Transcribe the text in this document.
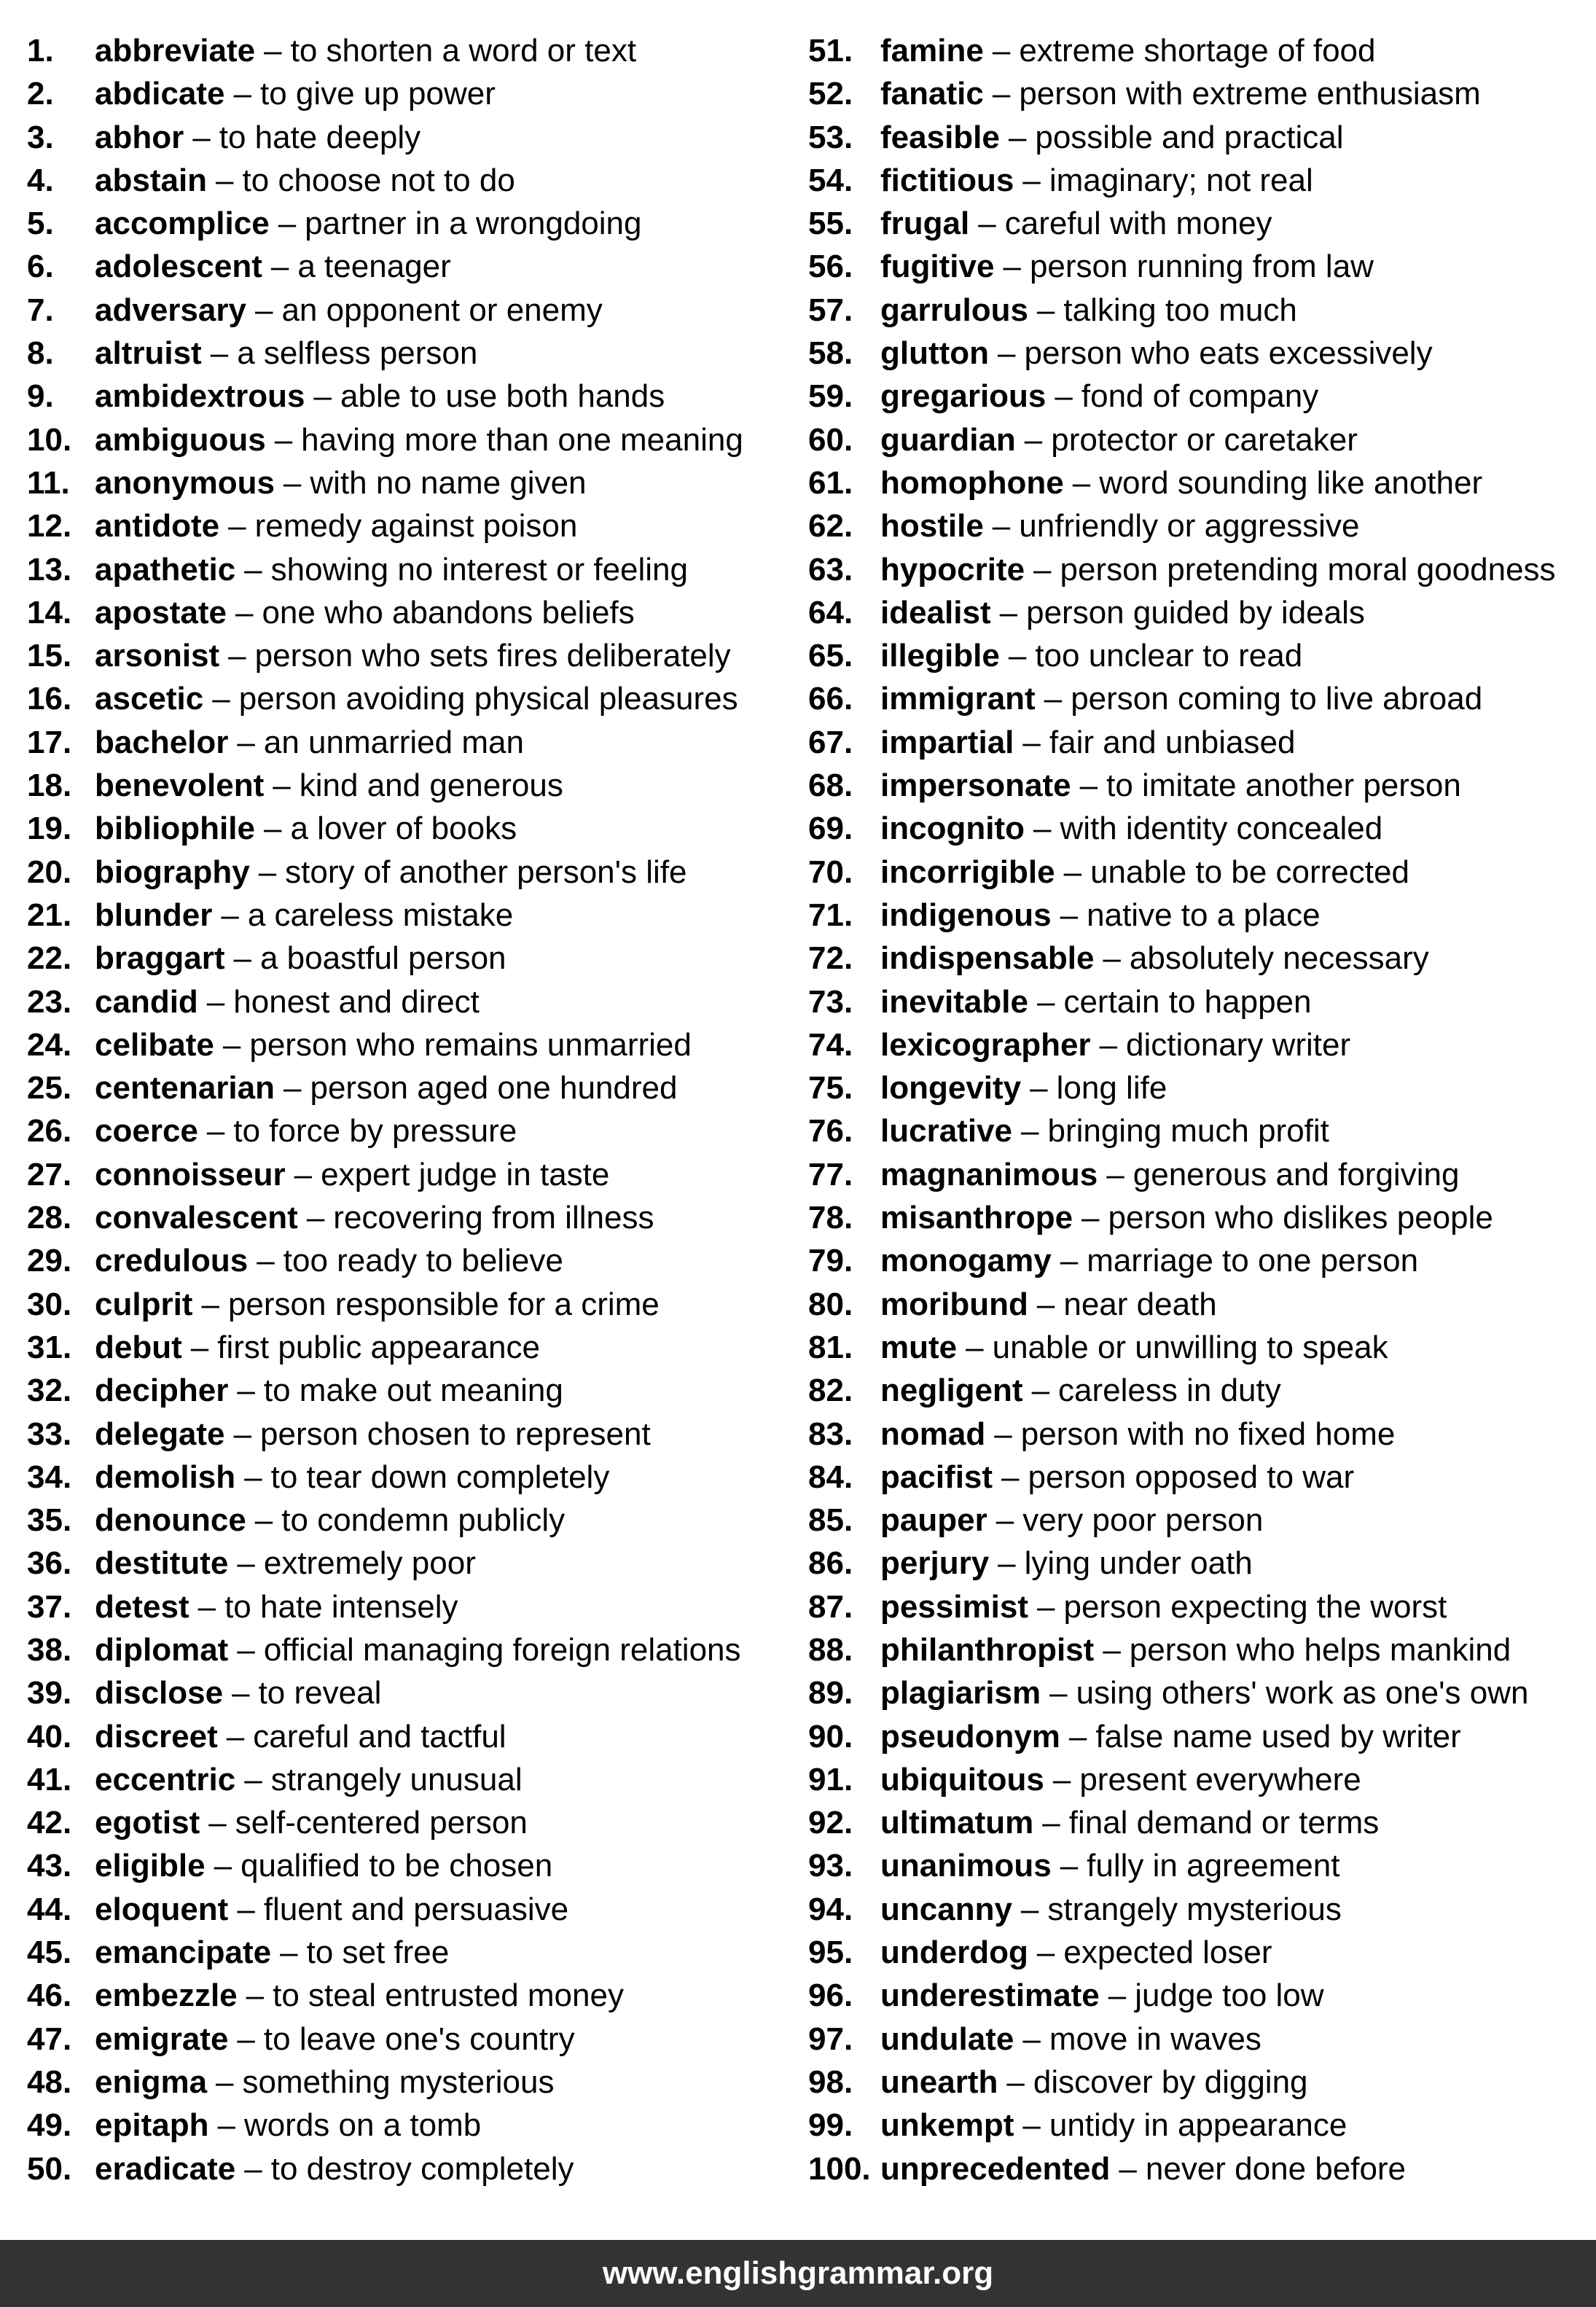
1.	abbreviate – to shorten a word or text
2.	abdicate – to give up power
3.	abhor – to hate deeply
4.	abstain – to choose not to do
5.	accomplice – partner in a wrongdoing
6.	adolescent – a teenager
7.	adversary – an opponent or enemy
8.	altruist – a selfless person
9.	ambidextrous – able to use both hands
10. ambiguous – having more than one meaning
11. anonymous – with no name given
12. antidote – remedy against poison
13. apathetic – showing no interest or feeling
14. apostate – one who abandons beliefs
15. arsonist – person who sets fires deliberately
16. ascetic – person avoiding physical pleasures
17. bachelor – an unmarried man
18. benevolent – kind and generous
19. bibliophile – a lover of books
20. biography – story of another person's life
21. blunder – a careless mistake
22. braggart – a boastful person
23. candid – honest and direct
24. celibate – person who remains unmarried
25. centenarian – person aged one hundred
26. coerce – to force by pressure
27. connoisseur – expert judge in taste
28. convalescent – recovering from illness
29. credulous – too ready to believe
30. culprit – person responsible for a crime
31. debut – first public appearance
32. decipher – to make out meaning
33. delegate – person chosen to represent
34. demolish – to tear down completely
35. denounce – to condemn publicly
36. destitute – extremely poor
37. detest – to hate intensely
38. diplomat – official managing foreign relations
39. disclose – to reveal
40. discreet – careful and tactful
41. eccentric – strangely unusual
42. egotist – self-centered person
43. eligible – qualified to be chosen
44. eloquent – fluent and persuasive
45. emancipate – to set free
46. embezzle – to steal entrusted money
47. emigrate – to leave one's country
48. enigma – something mysterious
49. epitaph – words on a tomb
50. eradicate – to destroy completely
51. famine – extreme shortage of food
52. fanatic – person with extreme enthusiasm
53. feasible – possible and practical
54. fictitious – imaginary; not real
55. frugal – careful with money
56. fugitive – person running from law
57. garrulous – talking too much
58. glutton – person who eats excessively
59. gregarious – fond of company
60. guardian – protector or caretaker
61. homophone – word sounding like another
62. hostile – unfriendly or aggressive
63. hypocrite – person pretending moral goodness
64. idealist – person guided by ideals
65. illegible – too unclear to read
66. immigrant – person coming to live abroad
67. impartial – fair and unbiased
68. impersonate – to imitate another person
69. incognito – with identity concealed
70. incorrigible – unable to be corrected
71. indigenous – native to a place
72. indispensable – absolutely necessary
73. inevitable – certain to happen
74. lexicographer – dictionary writer
75. longevity – long life
76. lucrative – bringing much profit
77. magnanimous – generous and forgiving
78. misanthrope – person who dislikes people
79. monogamy – marriage to one person
80. moribund – near death
81. mute – unable or unwilling to speak
82. negligent – careless in duty
83. nomad – person with no fixed home
84. pacifist – person opposed to war
85. pauper – very poor person
86. perjury – lying under oath
87. pessimist – person expecting the worst
88. philanthropist – person who helps mankind
89. plagiarism – using others' work as one's own
90. pseudonym – false name used by writer
91. ubiquitous – present everywhere
92. ultimatum – final demand or terms
93. unanimous – fully in agreement
94. uncanny – strangely mysterious
95. underdog – expected loser
96. underestimate – judge too low
97. undulate – move in waves
98. unearth – discover by digging
99. unkempt – untidy in appearance
100. unprecedented – never done before
www.englishgrammar.org
